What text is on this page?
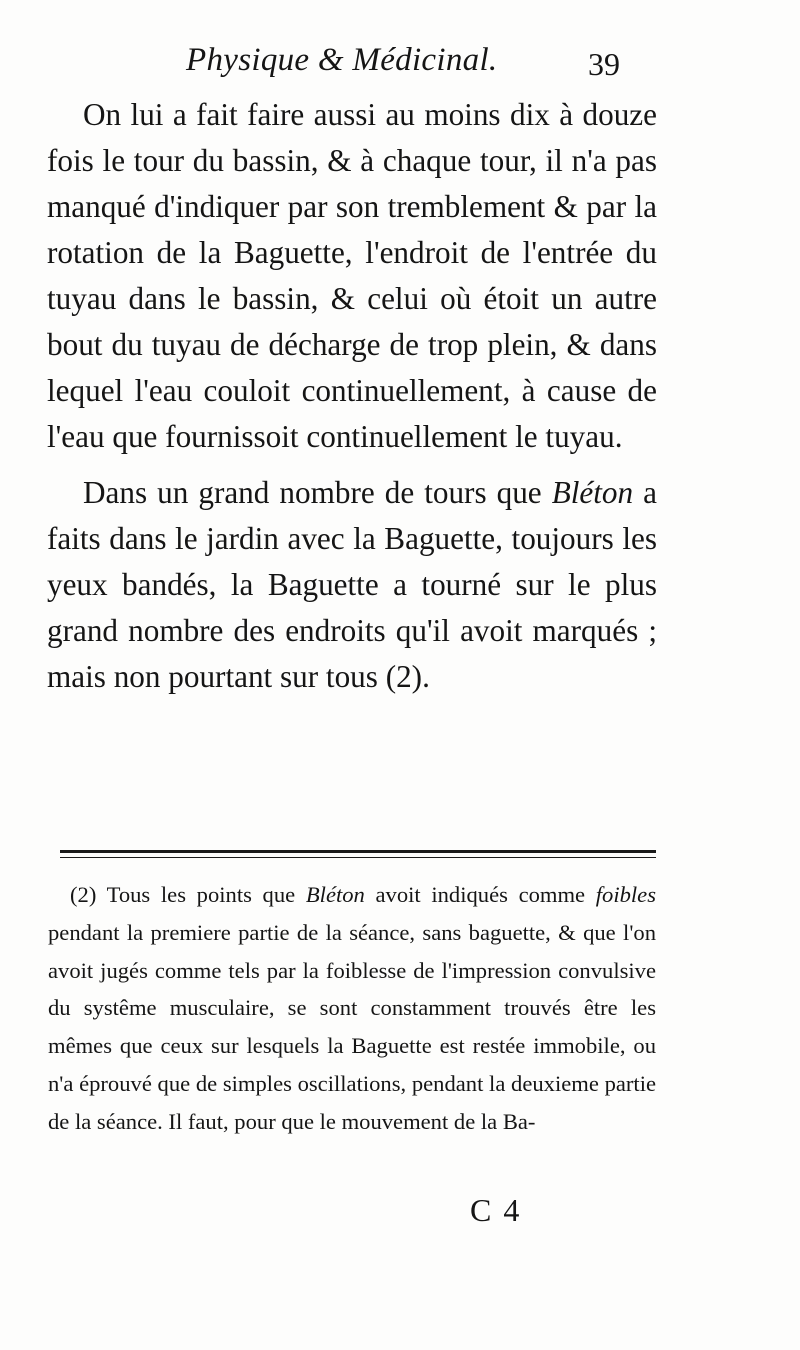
Physique & Médicinal.	39

On lui a fait faire aussi au moins dix à douze fois le tour du bassin, & à chaque tour, il n'a pas manqué d'indiquer par son tremblement & par la rotation de la Baguette, l'endroit de l'entrée du tuyau dans le bassin, & celui où étoit un autre bout du tuyau de décharge de trop plein, & dans lequel l'eau couloit continuellement, à cause de l'eau que fournissoit continuellement le tuyau.

Dans un grand nombre de tours que Bléton a faits dans le jardin avec la Baguette, toujours les yeux bandés, la Baguette a tourné sur le plus grand nombre des endroits qu'il avoit marqués ; mais non pourtant sur tous (2).

(2) Tous les points que Bléton avoit indiqués comme foibles pendant la premiere partie de la séance, sans baguette, & que l'on avoit jugés comme tels par la foiblesse de l'impression convulsive du systême musculaire, se sont constamment trouvés être les mêmes que ceux sur lesquels la Baguette est restée immobile, ou n'a éprouvé que de simples oscillations, pendant la deuxieme partie de la séance. Il faut, pour que le mouvement de la Ba-

C 4
